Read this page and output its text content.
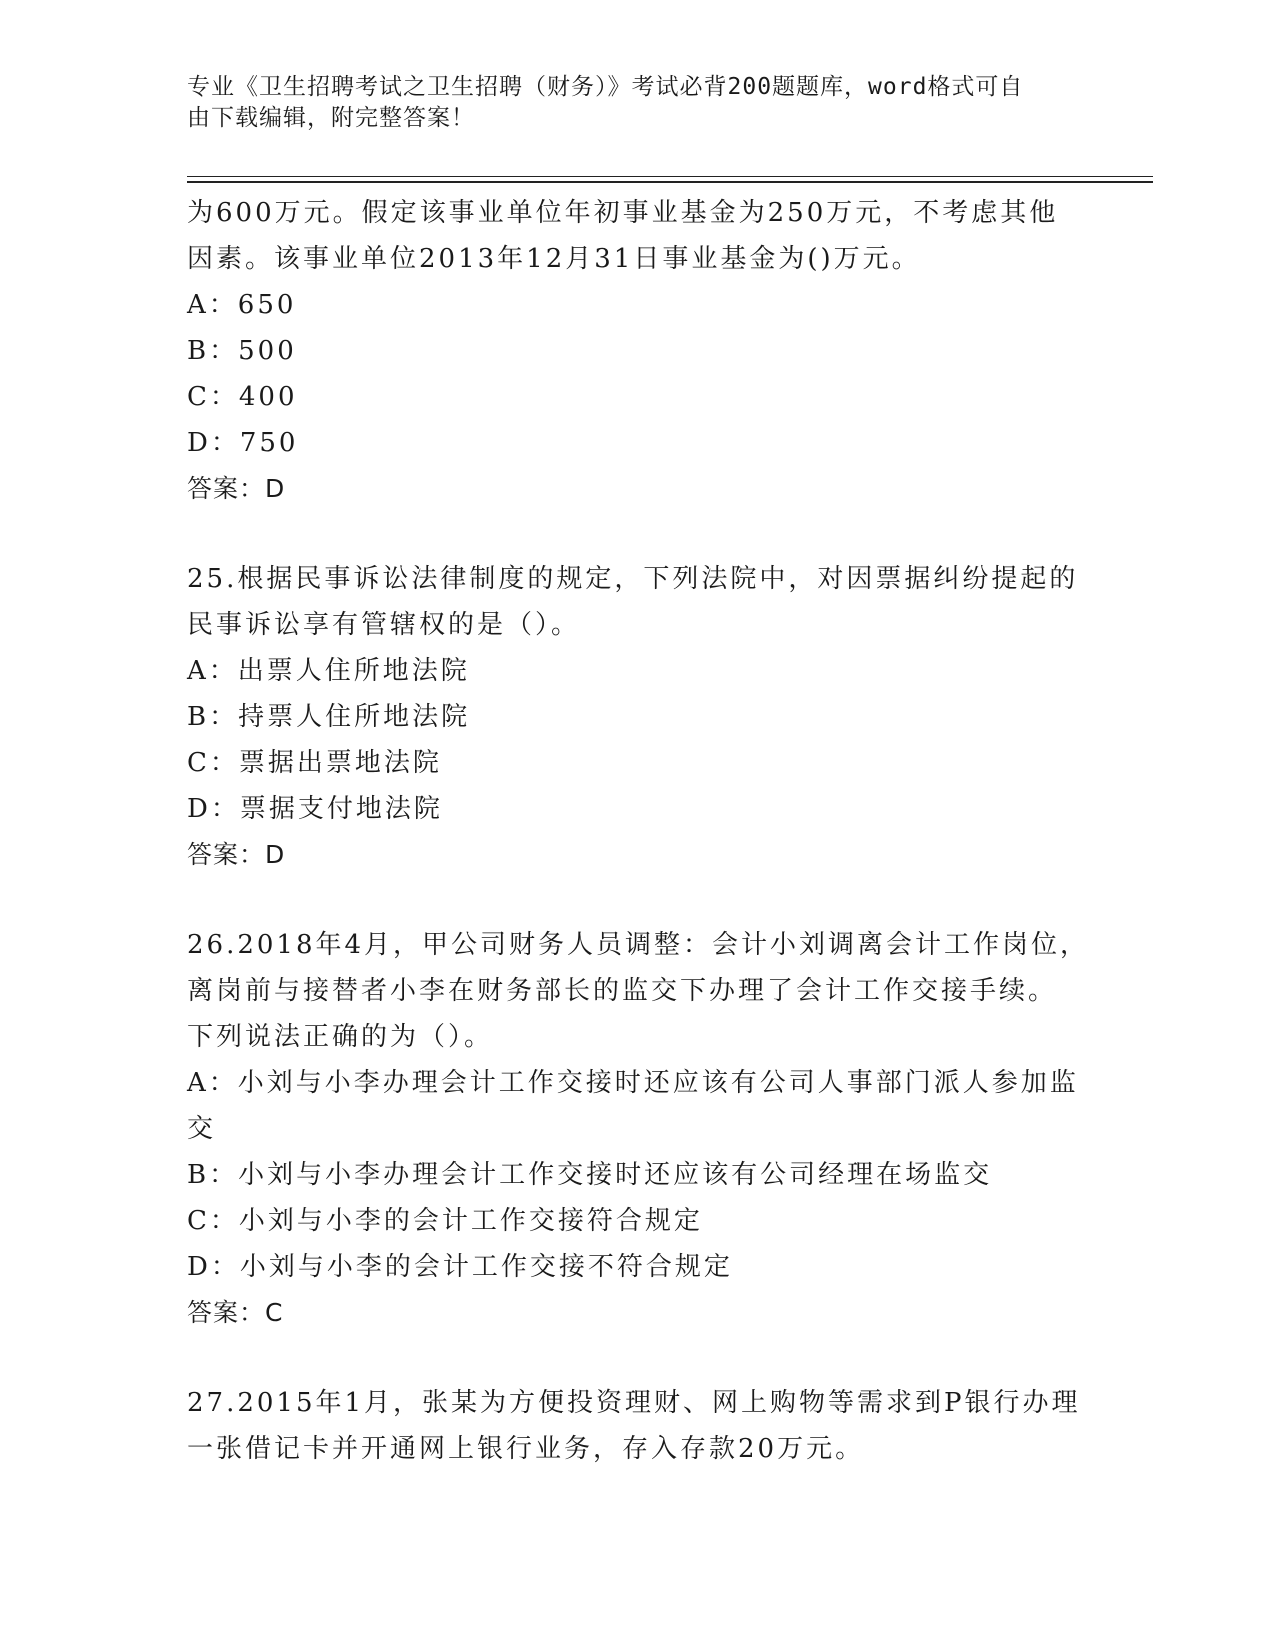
专业《卫生招聘考试之卫生招聘（财务）》考试必背200题题库，word格式可自
由下载编辑，附完整答案！
为600万元。假定该事业单位年初事业基金为250万元，不考虑其他
因素。该事业单位2013年12月31日事业基金为()万元。
A：650
B：500
C：400
D：750
答案：D
25.根据民事诉讼法律制度的规定，下列法院中，对因票据纠纷提起的
民事诉讼享有管辖权的是（）。
A：出票人住所地法院
B：持票人住所地法院
C：票据出票地法院
D：票据支付地法院
答案：D
26.2018年4月，甲公司财务人员调整：会计小刘调离会计工作岗位，
离岗前与接替者小李在财务部长的监交下办理了会计工作交接手续。
下列说法正确的为（）。
A：小刘与小李办理会计工作交接时还应该有公司人事部门派人参加监
交
B：小刘与小李办理会计工作交接时还应该有公司经理在场监交
C：小刘与小李的会计工作交接符合规定
D：小刘与小李的会计工作交接不符合规定
答案：C
27.2015年1月，张某为方便投资理财、网上购物等需求到P银行办理
一张借记卡并开通网上银行业务，存入存款20万元。
